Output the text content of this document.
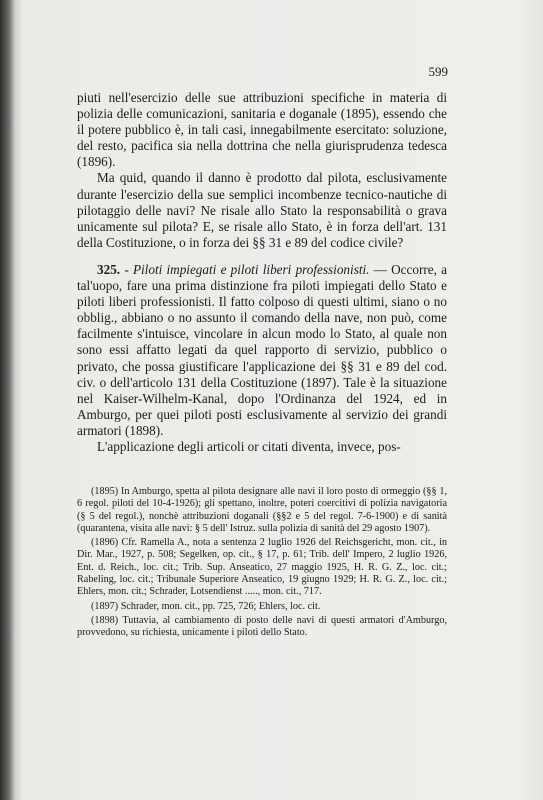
599

piuti nell'esercizio delle sue attribuzioni specifiche in materia di polizia delle comunicazioni, sanitaria e doganale (1895), essendo che il potere pubblico è, in tali casi, innegabilmente esercitato: soluzione, del resto, pacifica sia nella dottrina che nella giurisprudenza tedesca (1896).

Ma quid, quando il danno è prodotto dal pilota, esclusivamente durante l'esercizio della sue semplici incombenze tecnico-nautiche di pilotaggio delle navi? Ne risale allo Stato la responsabilità o grava unicamente sul pilota? E, se risale allo Stato, è in forza dell'art. 131 della Costituzione, o in forza dei §§ 31 e 89 del codice civile?

325. - Piloti impiegati e piloti liberi professionisti. — Occorre, a tal'uopo, fare una prima distinzione fra piloti impiegati dello Stato e piloti liberi professionisti. Il fatto colposo di questi ultimi, siano o no obblig., abbiano o no assunto il comando della nave, non può, come facilmente s'intuisce, vincolare in alcun modo lo Stato, al quale non sono essi affatto legati da quel rapporto di servizio, pubblico o privato, che possa giustificare l'applicazione dei §§ 31 e 89 del cod. civ. o dell'articolo 131 della Costituzione (1897). Tale è la situazione nel Kaiser-Wilhelm-Kanal, dopo l'Ordinanza del 1924, ed in Amburgo, per quei piloti posti esclusivamente al servizio dei grandi armatori (1898).

L'applicazione degli articoli or citati diventa, invece, pos-

(1895) In Amburgo, spetta al pilota designare alle navi il loro posto di ormeggio (§§ 1, 6 regol. piloti del 10-4-1926); gli spettano, inoltre, poteri coercitivi di polizia navigatoria (§ 5 del regol.), nonchè attribuzioni doganali (§§2 e 5 del regol. 7-6-1900) e di sanità (quarantena, visita alle navi: § 5 dell' Istruz. sulla polizia di sanità del 29 agosto 1907).

(1896) Cfr. Ramella A., nota a sentenza 2 luglio 1926 del Reichsgericht, mon. cit., in Dir. Mar., 1927, p. 508; Segelken, op. cit., § 17, p. 61; Trib. dell' Impero, 2 luglio 1926, Ent. d. Reich., loc. cit.; Trib. Sup. Anseatico, 27 maggio 1925, H. R. G. Z., loc. cit.; Rabeling, loc. cit.; Tribunale Superiore Anseatico, 19 giugno 1929; H. R. G. Z., loc. cit.; Ehlers, mon. cit.; Schrader, Lotsendienst ....., mon. cit., 717.

(1897) Schrader, mon. cit., pp. 725, 726; Ehlers, loc. cit.

(1898) Tuttavia, al cambiamento di posto delle navi di questi armatori d'Amburgo, provvedono, su richiesta, unicamente i piloti dello Stato.
